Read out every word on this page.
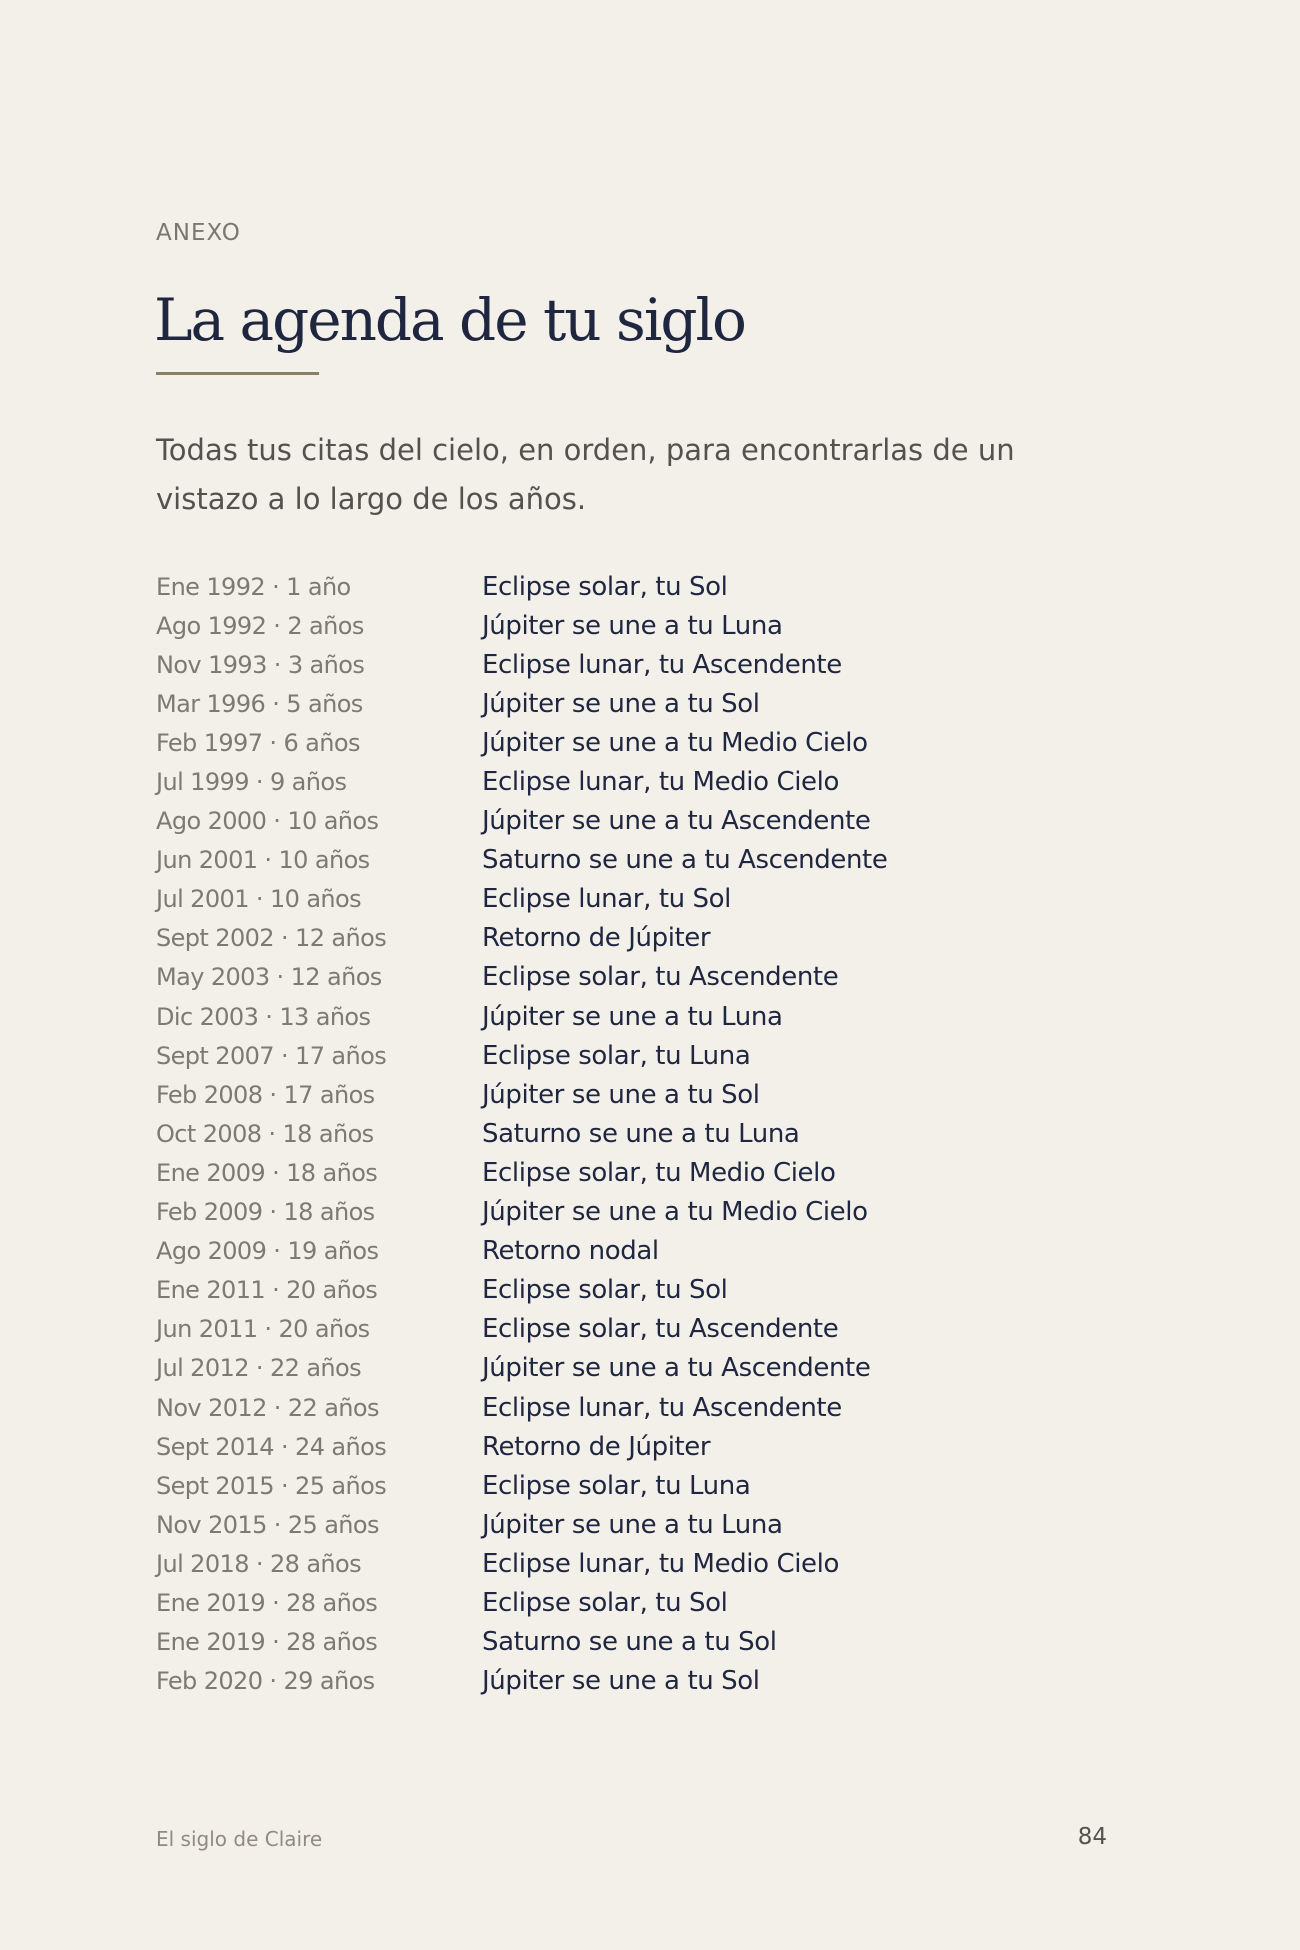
ANEXO
La agenda de tu siglo

Todas tus citas del cielo, en orden, para encontrarlas de un vistazo a lo largo de los años.

Ene 1992 · 1 año	Eclipse solar, tu Sol
Ago 1992 · 2 años	Júpiter se une a tu Luna
Nov 1993 · 3 años	Eclipse lunar, tu Ascendente
Mar 1996 · 5 años	Júpiter se une a tu Sol
Feb 1997 · 6 años	Júpiter se une a tu Medio Cielo
Jul 1999 · 9 años	Eclipse lunar, tu Medio Cielo
Ago 2000 · 10 años	Júpiter se une a tu Ascendente
Jun 2001 · 10 años	Saturno se une a tu Ascendente
Jul 2001 · 10 años	Eclipse lunar, tu Sol
Sept 2002 · 12 años	Retorno de Júpiter
May 2003 · 12 años	Eclipse solar, tu Ascendente
Dic 2003 · 13 años	Júpiter se une a tu Luna
Sept 2007 · 17 años	Eclipse solar, tu Luna
Feb 2008 · 17 años	Júpiter se une a tu Sol
Oct 2008 · 18 años	Saturno se une a tu Luna
Ene 2009 · 18 años	Eclipse solar, tu Medio Cielo
Feb 2009 · 18 años	Júpiter se une a tu Medio Cielo
Ago 2009 · 19 años	Retorno nodal
Ene 2011 · 20 años	Eclipse solar, tu Sol
Jun 2011 · 20 años	Eclipse solar, tu Ascendente
Jul 2012 · 22 años	Júpiter se une a tu Ascendente
Nov 2012 · 22 años	Eclipse lunar, tu Ascendente
Sept 2014 · 24 años	Retorno de Júpiter
Sept 2015 · 25 años	Eclipse solar, tu Luna
Nov 2015 · 25 años	Júpiter se une a tu Luna
Jul 2018 · 28 años	Eclipse lunar, tu Medio Cielo
Ene 2019 · 28 años	Eclipse solar, tu Sol
Ene 2019 · 28 años	Saturno se une a tu Sol
Feb 2020 · 29 años	Júpiter se une a tu Sol
El siglo de Claire	84
